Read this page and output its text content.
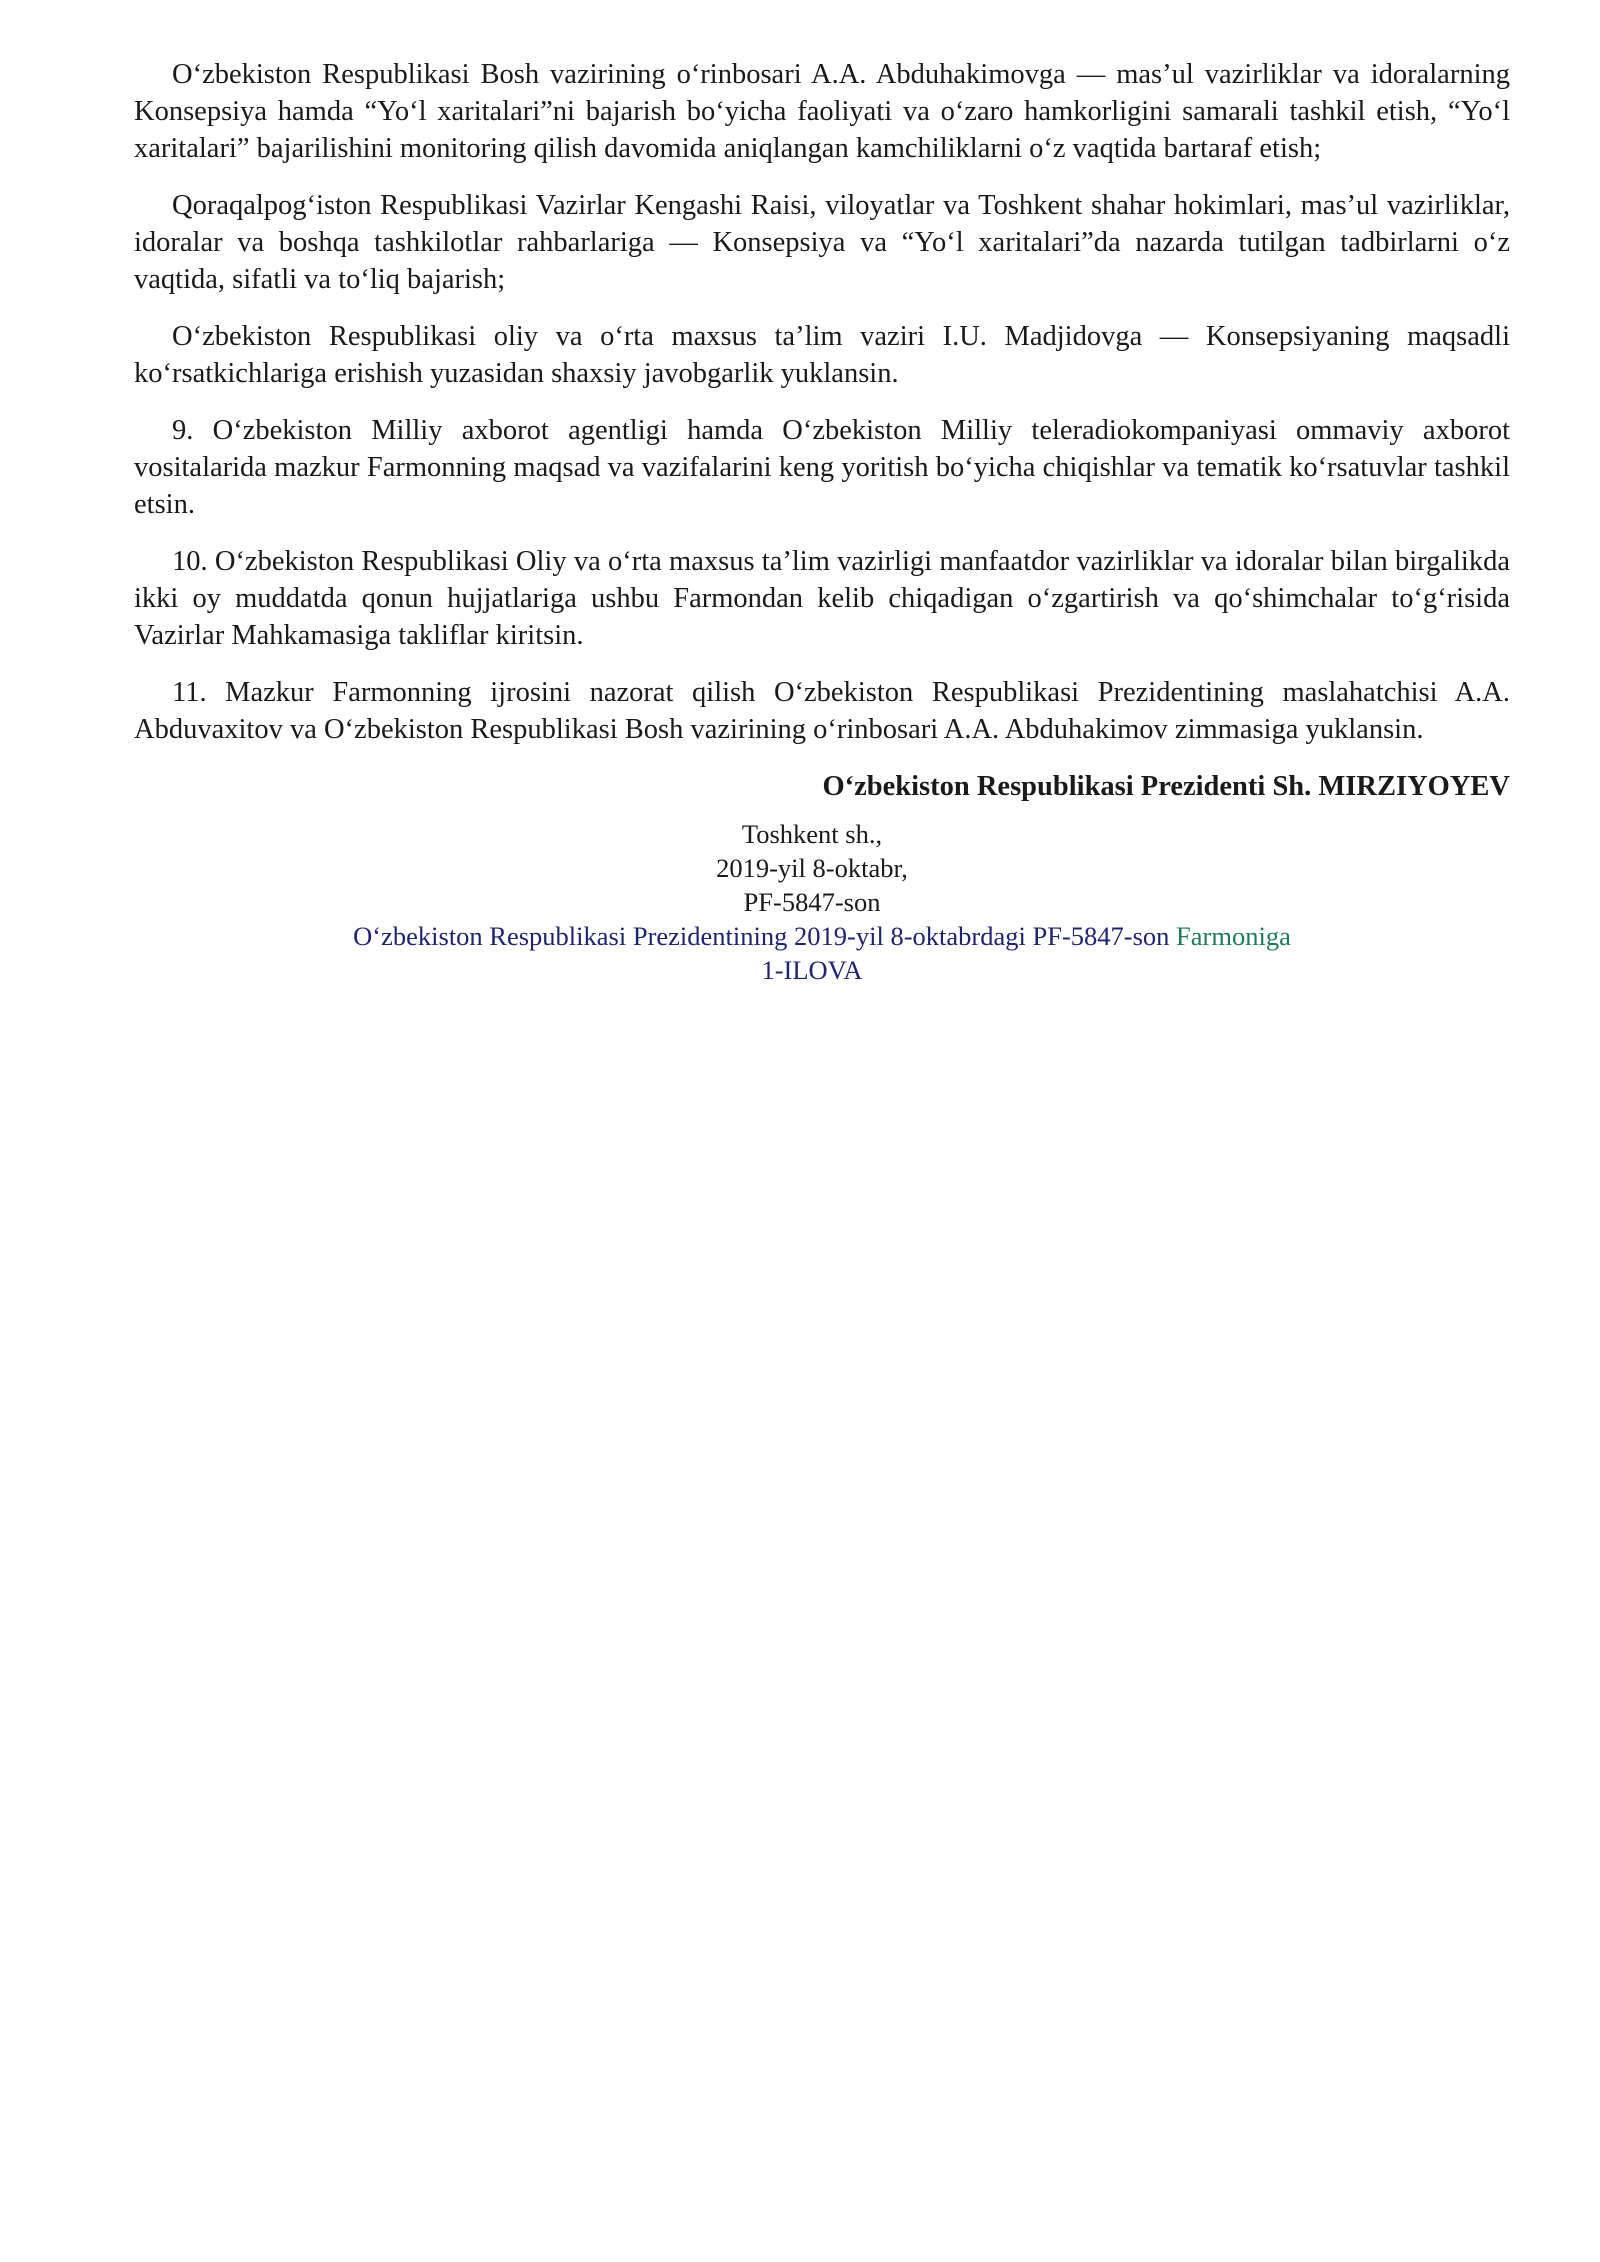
O‘zbekiston Respublikasi Bosh vazirining o‘rinbosari A.A. Abduhakimovga — mas’ul vazirliklar va idoralarning Konsepsiya hamda “Yo‘l xaritalari”ni bajarish bo‘yicha faoliyati va o‘zaro hamkorligini samarali tashkil etish, “Yo‘l xaritalari” bajarilishini monitoring qilish davomida aniqlangan kamchiliklarni o‘z vaqtida bartaraf etish;

Qoraqalpog‘iston Respublikasi Vazirlar Kengashi Raisi, viloyatlar va Toshkent shahar hokimlari, mas’ul vazirliklar, idoralar va boshqa tashkilotlar rahbarlariga — Konsepsiya va “Yo‘l xaritalari”da nazarda tutilgan tadbirlarni o‘z vaqtida, sifatli va to‘liq bajarish;

O‘zbekiston Respublikasi oliy va o‘rta maxsus ta’lim vaziri I.U. Madjidovga — Konsepsiyaning maqsadli ko‘rsatkichlariga erishish yuzasidan shaxsiy javobgarlik yuklansin.

9. O‘zbekiston Milliy axborot agentligi hamda O‘zbekiston Milliy teleradiokompaniyasi ommaviy axborot vositalarida mazkur Farmonning maqsad va vazifalarini keng yoritish bo‘yicha chiqishlar va tematik ko‘rsatuvlar tashkil etsin.

10. O‘zbekiston Respublikasi Oliy va o‘rta maxsus ta’lim vazirligi manfaatdor vazirliklar va idoralar bilan birgalikda ikki oy muddatda qonun hujjatlariga ushbu Farmondan kelib chiqadigan o‘zgartirish va qo‘shimchalar to‘g‘risida Vazirlar Mahkamasiga takliflar kiritsin.

11. Mazkur Farmonning ijrosini nazorat qilish O‘zbekiston Respublikasi Prezidentining maslahatchisi A.A. Abduvaxitov va O‘zbekiston Respublikasi Bosh vazirining o‘rinbosari A.A. Abduhakimov zimmasiga yuklansin.

O‘zbekiston Respublikasi Prezidenti Sh. MIRZIYOYEV
Toshkent sh.,
2019-yil 8-oktabr,
PF-5847-son
O‘zbekiston Respublikasi Prezidentining 2019-yil 8-oktabrdagi PF-5847-son Farmoniga
1-ILOVA
